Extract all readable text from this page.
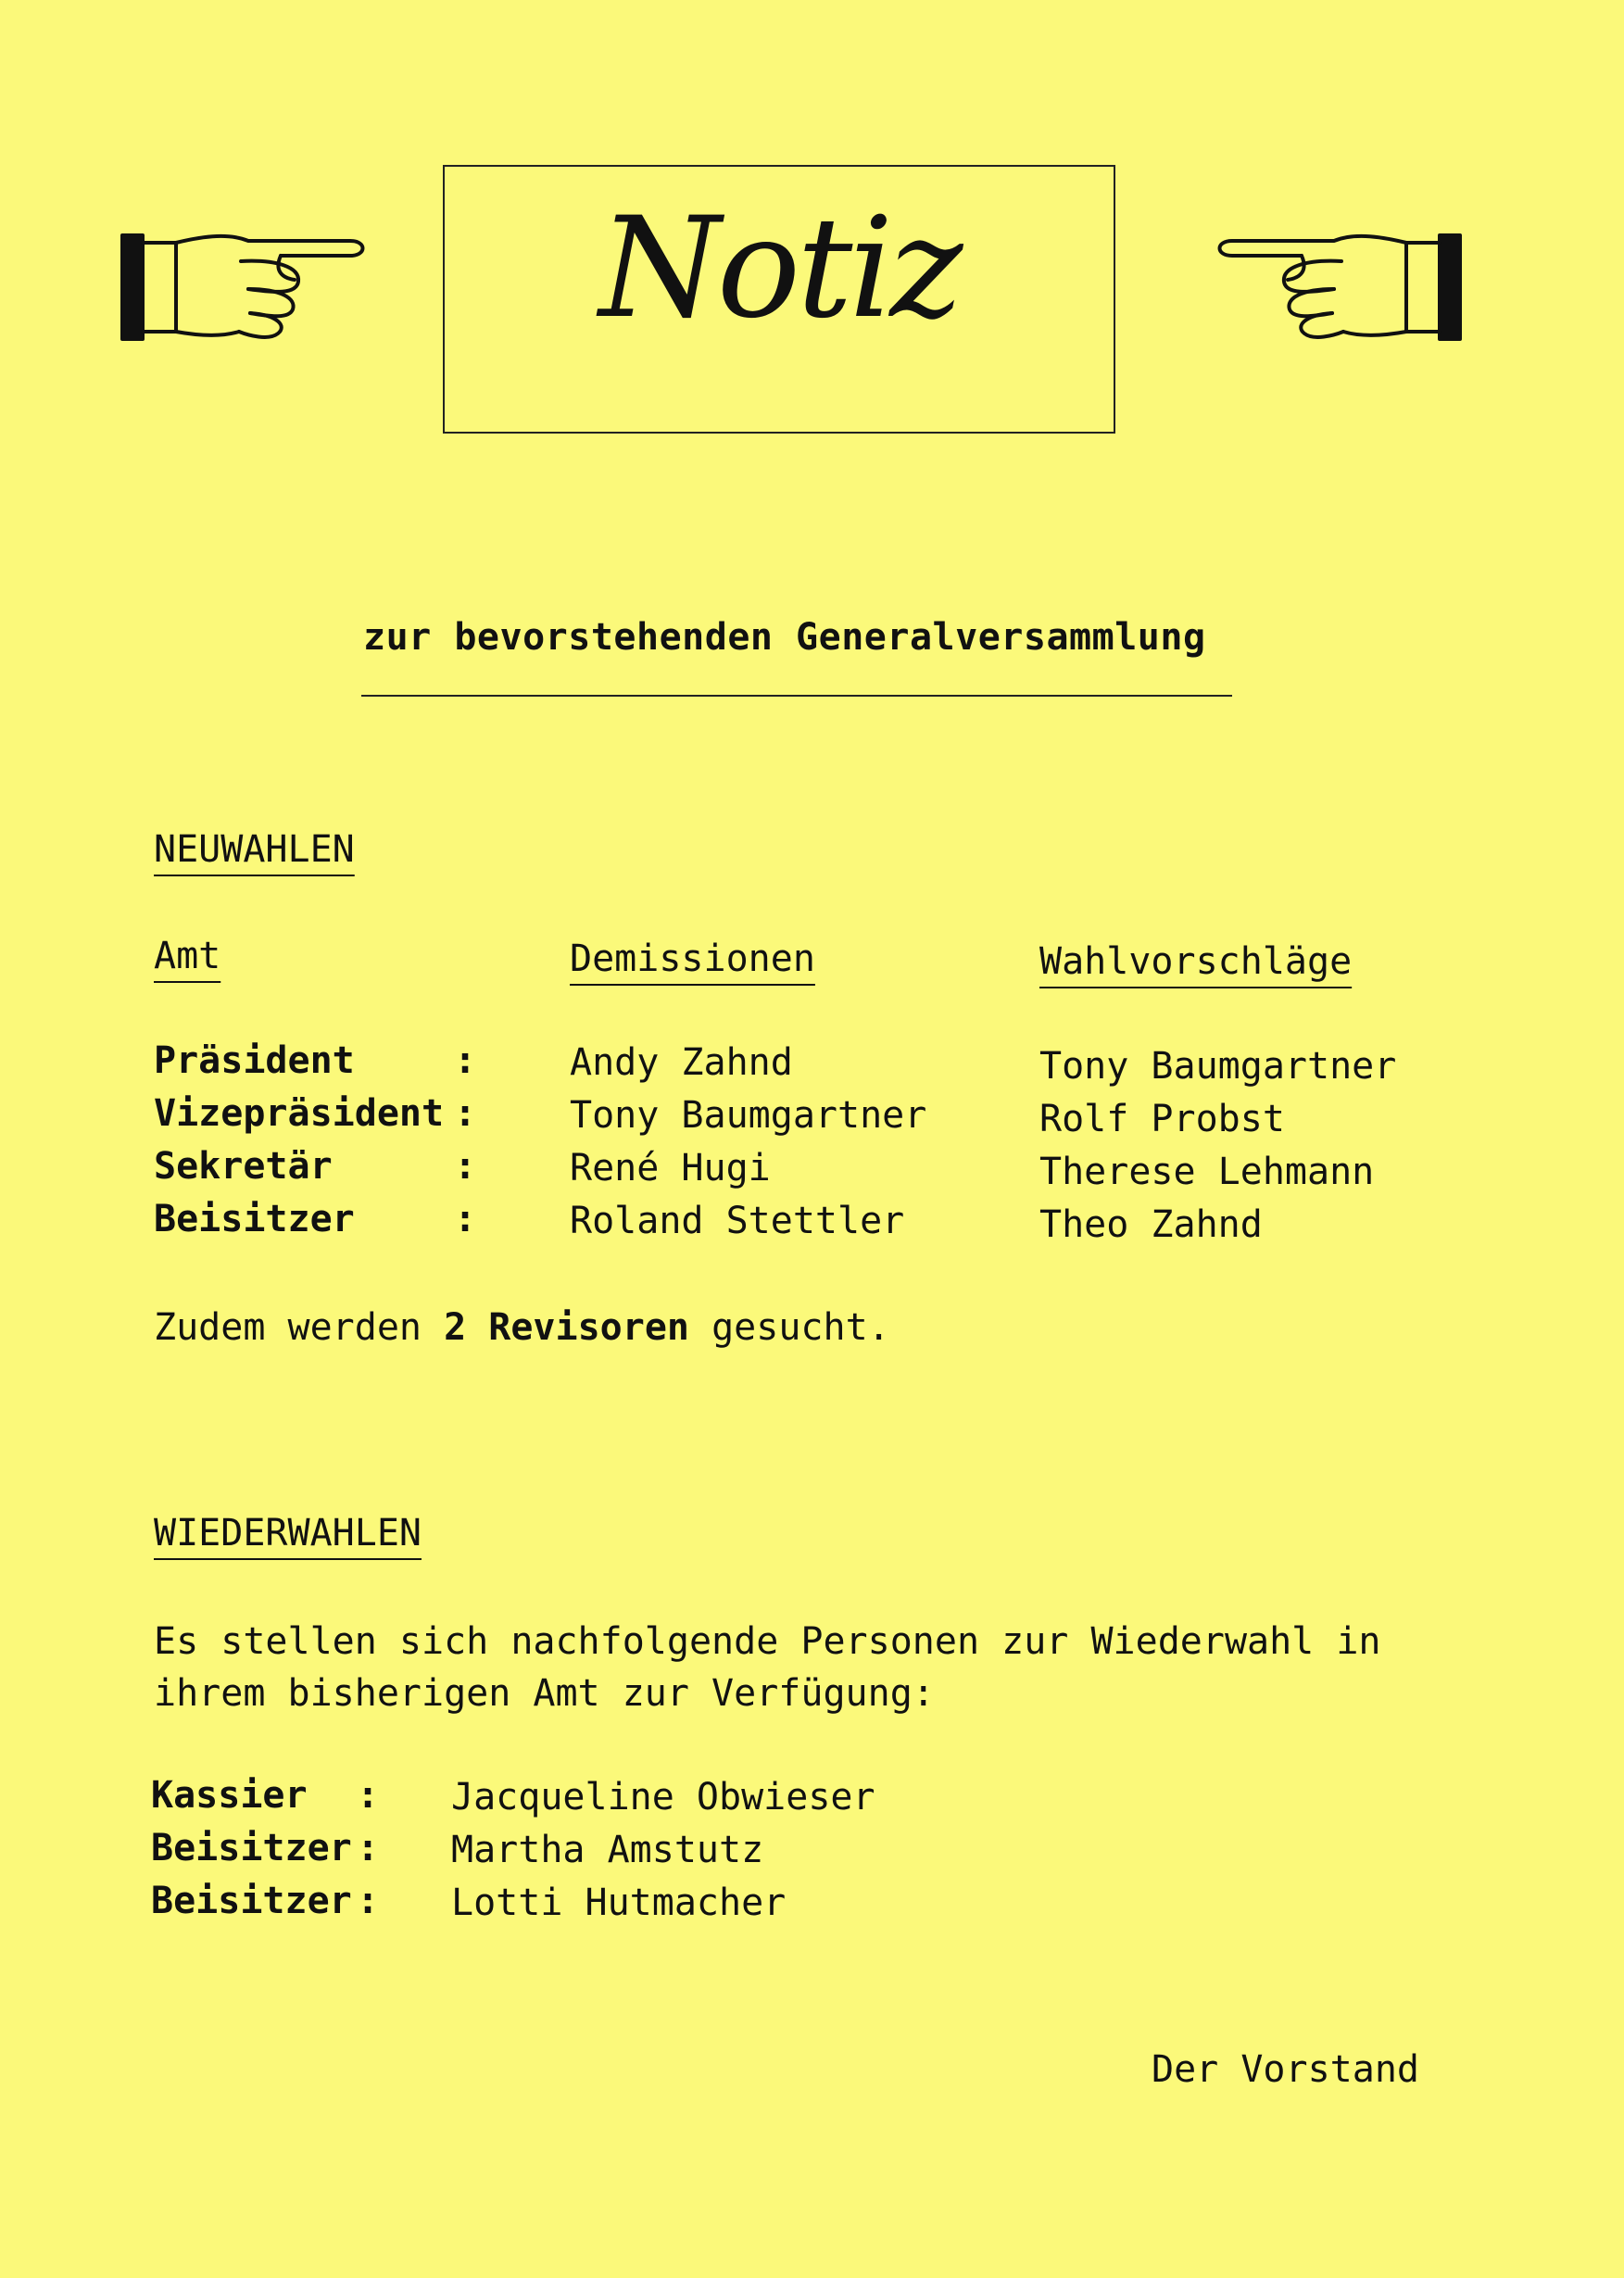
Notiz
zur bevorstehenden Generalversammlung
NEUWAHLEN
Amt	Demissionen	Wahlvorschläge
Präsident	:	Andy Zahnd	Tony Baumgartner
Vizepräsident :	Tony Baumgartner	Rolf Probst
Sekretär	:	René Hugi	Therese Lehmann
Beisitzer	:	Roland Stettler	Theo Zahnd
Zudem werden 2 Revisoren gesucht.
WIEDERWAHLEN
Es stellen sich nachfolgende Personen zur Wiederwahl in
ihrem bisherigen Amt zur Verfügung:
Kassier : Jacqueline Obwieser
Beisitzer : Martha Amstutz
Beisitzer : Lotti Hutmacher
Der Vorstand
